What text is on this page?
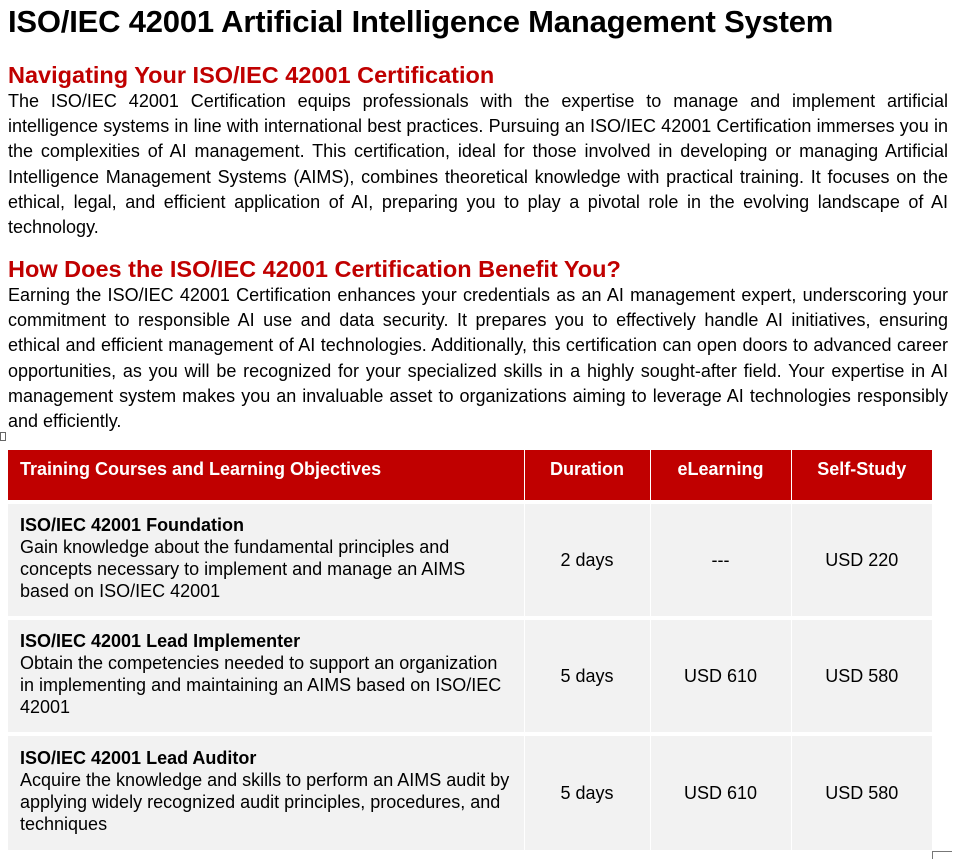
ISO/IEC 42001 Artificial Intelligence Management System
Navigating Your ISO/IEC 42001 Certification

The ISO/IEC 42001 Certification equips professionals with the expertise to manage and implement artificial intelligence systems in line with international best practices. Pursuing an ISO/IEC 42001 Certification immerses you in the complexities of AI management. This certification, ideal for those involved in developing or managing Artificial Intelligence Management Systems (AIMS), combines theoretical knowledge with practical training. It focuses on the ethical, legal, and efficient application of AI, preparing you to play a pivotal role in the evolving landscape of AI technology.

How Does the ISO/IEC 42001 Certification Benefit You?

Earning the ISO/IEC 42001 Certification enhances your credentials as an AI management expert, underscoring your commitment to responsible AI use and data security. It prepares you to effectively handle AI initiatives, ensuring ethical and efficient management of AI technologies. Additionally, this certification can open doors to advanced career opportunities, as you will be recognized for your specialized skills in a highly sought-after field. Your expertise in AI management system makes you an invaluable asset to organizations aiming to leverage AI technologies responsibly and efficiently.

Training Courses and Learning Objectives	Duration	eLearning	Self-Study

ISO/IEC 42001 Foundation
Gain knowledge about the fundamental principles and concepts necessary to implement and manage an AIMS based on ISO/IEC 42001	2 days	---	USD 220

ISO/IEC 42001 Lead Implementer
Obtain the competencies needed to support an organization in implementing and maintaining an AIMS based on ISO/IEC 42001	5 days	USD 610	USD 580

ISO/IEC 42001 Lead Auditor
Acquire the knowledge and skills to perform an AIMS audit by applying widely recognized audit principles, procedures, and techniques	5 days	USD 610	USD 580
